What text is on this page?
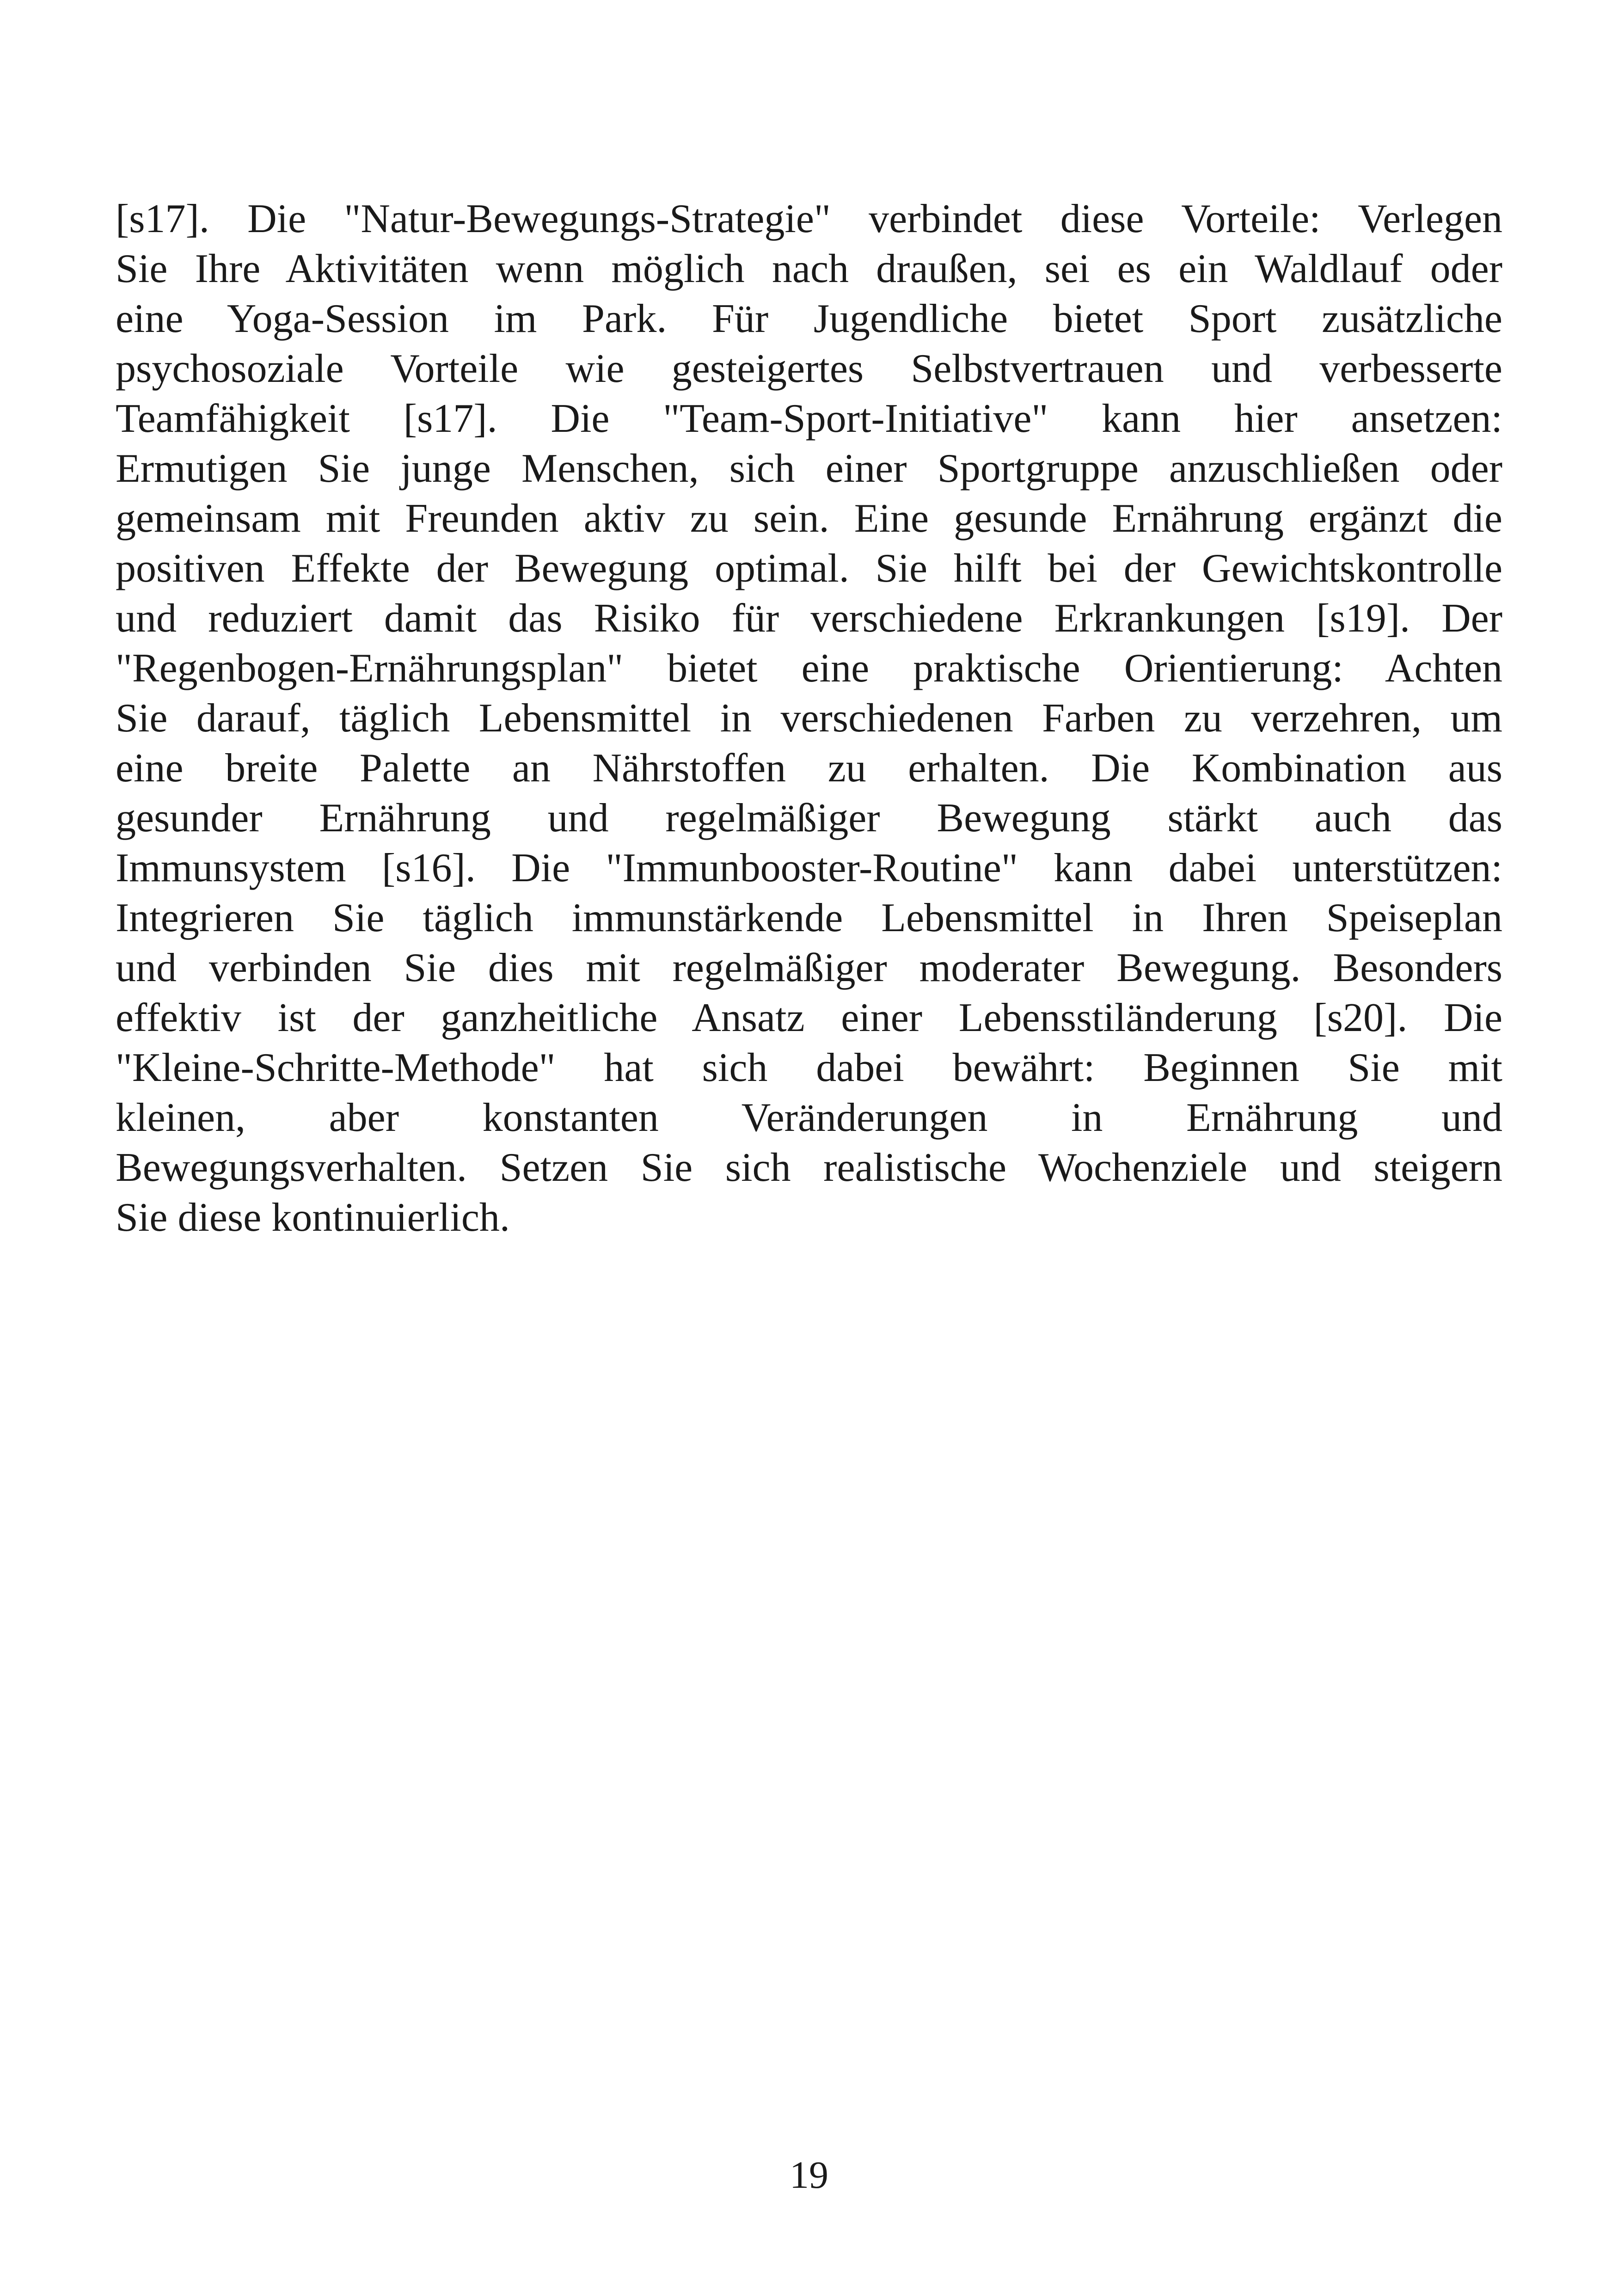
[s17]. Die "Natur-Bewegungs-Strategie" verbindet diese Vorteile: Verlegen
Sie Ihre Aktivitäten wenn möglich nach draußen, sei es ein Waldlauf oder
eine Yoga-Session im Park. Für Jugendliche bietet Sport zusätzliche
psychosoziale Vorteile wie gesteigertes Selbstvertrauen und verbesserte
Teamfähigkeit [s17]. Die "Team-Sport-Initiative" kann hier ansetzen:
Ermutigen Sie junge Menschen, sich einer Sportgruppe anzuschließen oder
gemeinsam mit Freunden aktiv zu sein. Eine gesunde Ernährung ergänzt die
positiven Effekte der Bewegung optimal. Sie hilft bei der Gewichtskontrolle
und reduziert damit das Risiko für verschiedene Erkrankungen [s19]. Der
"Regenbogen-Ernährungsplan" bietet eine praktische Orientierung: Achten
Sie darauf, täglich Lebensmittel in verschiedenen Farben zu verzehren, um
eine breite Palette an Nährstoffen zu erhalten. Die Kombination aus
gesunder Ernährung und regelmäßiger Bewegung stärkt auch das
Immunsystem [s16]. Die "Immunbooster-Routine" kann dabei unterstützen:
Integrieren Sie täglich immunstärkende Lebensmittel in Ihren Speiseplan
und verbinden Sie dies mit regelmäßiger moderater Bewegung. Besonders
effektiv ist der ganzheitliche Ansatz einer Lebensstiländerung [s20]. Die
"Kleine-Schritte-Methode" hat sich dabei bewährt: Beginnen Sie mit
kleinen, aber konstanten Veränderungen in Ernährung und
Bewegungsverhalten. Setzen Sie sich realistische Wochenziele und steigern
Sie diese kontinuierlich.
19
